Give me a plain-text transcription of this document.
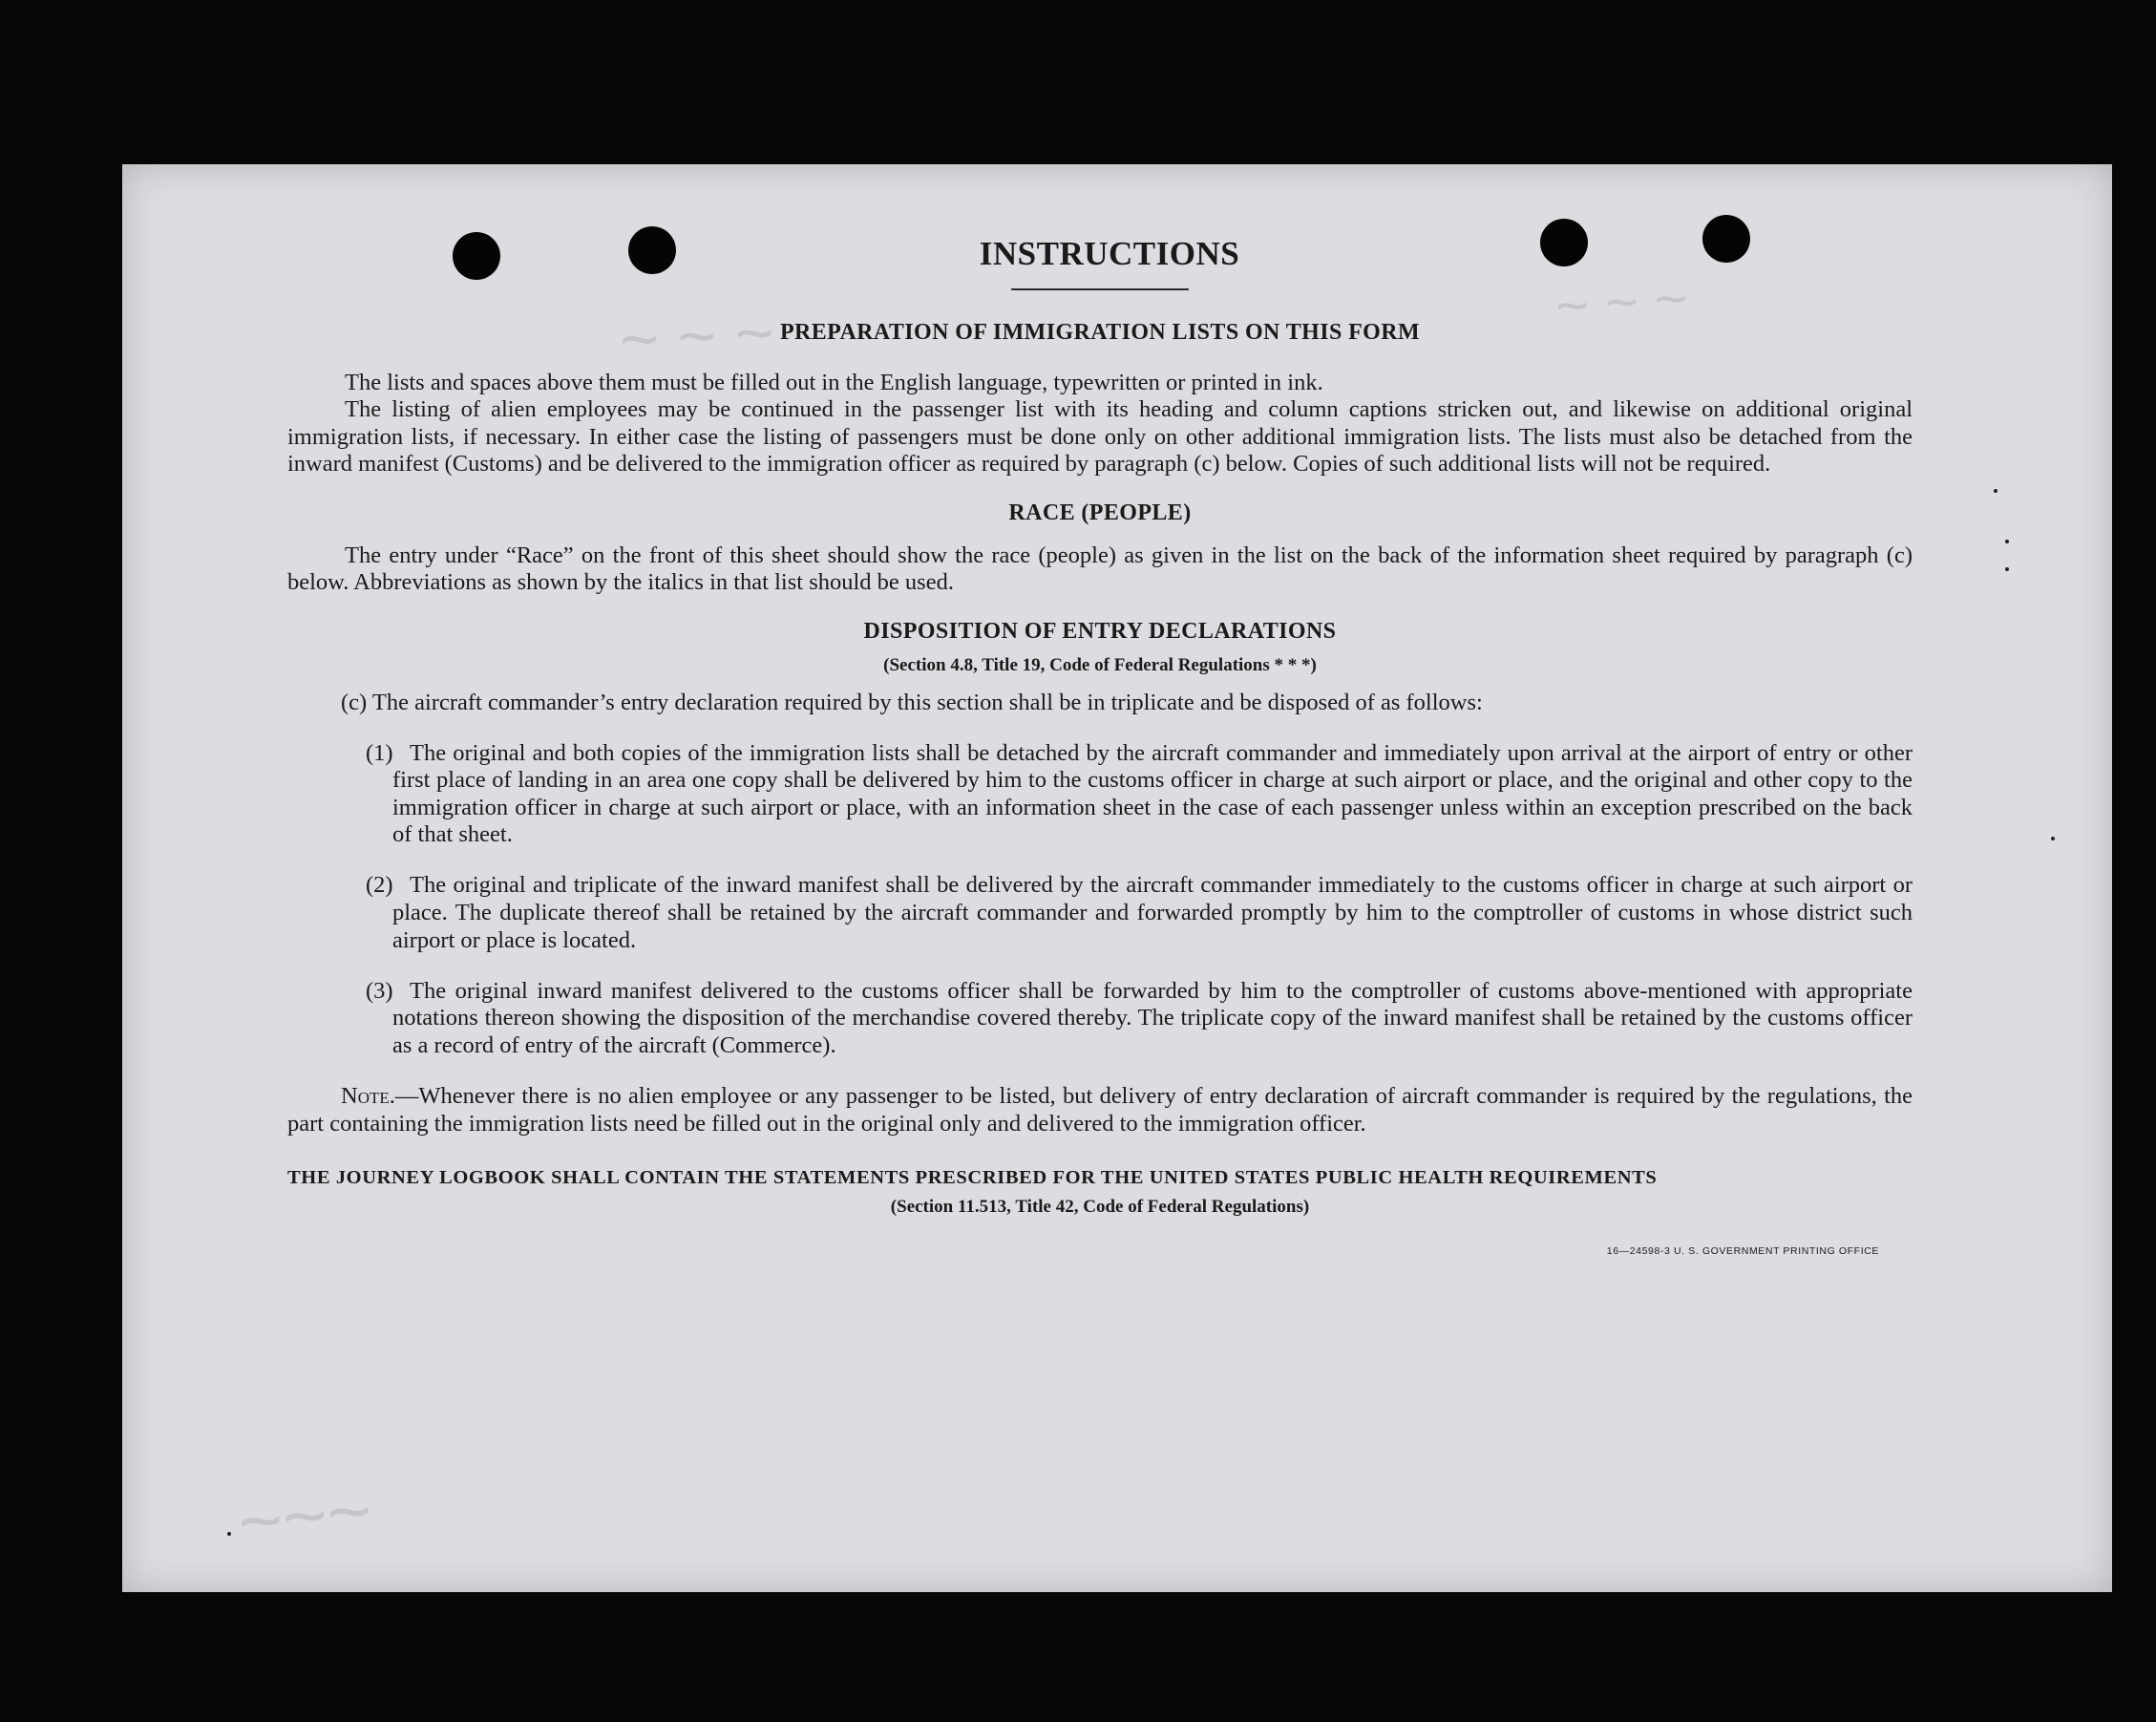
~ ~ ~	~ ~ ~
~~~
INSTRUCTIONS
PREPARATION OF IMMIGRATION LISTS ON THIS FORM

The lists and spaces above them must be filled out in the English language, typewritten or printed in ink.

The listing of alien employees may be continued in the passenger list with its heading and column captions stricken out, and likewise on additional original immigration lists, if necessary. In either case the listing of passengers must be done only on other additional immigration lists. The lists must also be detached from the inward manifest (Customs) and be delivered to the immigration officer as required by paragraph (c) below. Copies of such additional lists will not be required.

RACE (PEOPLE)

The entry under “Race” on the front of this sheet should show the race (people) as given in the list on the back of the information sheet required by paragraph (c) below. Abbreviations as shown by the italics in that list should be used.

DISPOSITION OF ENTRY DECLARATIONS
(Section 4.8, Title 19, Code of Federal Regulations * * *)

(c) The aircraft commander’s entry declaration required by this section shall be in triplicate and be disposed of as follows:

(1) The original and both copies of the immigration lists shall be detached by the aircraft commander and immediately upon arrival at the airport of entry or other first place of landing in an area one copy shall be delivered by him to the customs officer in charge at such airport or place, and the original and other copy to the immigration officer in charge at such airport or place, with an information sheet in the case of each passenger unless within an exception prescribed on the back of that sheet.

(2) The original and triplicate of the inward manifest shall be delivered by the aircraft commander immediately to the customs officer in charge at such airport or place. The duplicate thereof shall be retained by the aircraft commander and forwarded promptly by him to the comptroller of customs in whose district such airport or place is located.

(3) The original inward manifest delivered to the customs officer shall be forwarded by him to the comptroller of customs above-mentioned with appropriate notations thereon showing the disposition of the merchandise covered thereby. The triplicate copy of the inward manifest shall be retained by the customs officer as a record of entry of the aircraft (Commerce).

Note.—Whenever there is no alien employee or any passenger to be listed, but delivery of entry declaration of aircraft commander is required by the regulations, the part containing the immigration lists need be filled out in the original only and delivered to the immigration officer.

THE JOURNEY LOGBOOK SHALL CONTAIN THE STATEMENTS PRESCRIBED FOR THE UNITED STATES PUBLIC HEALTH REQUIREMENTS
(Section 11.513, Title 42, Code of Federal Regulations)
16—24598-3 U. S. GOVERNMENT PRINTING OFFICE
